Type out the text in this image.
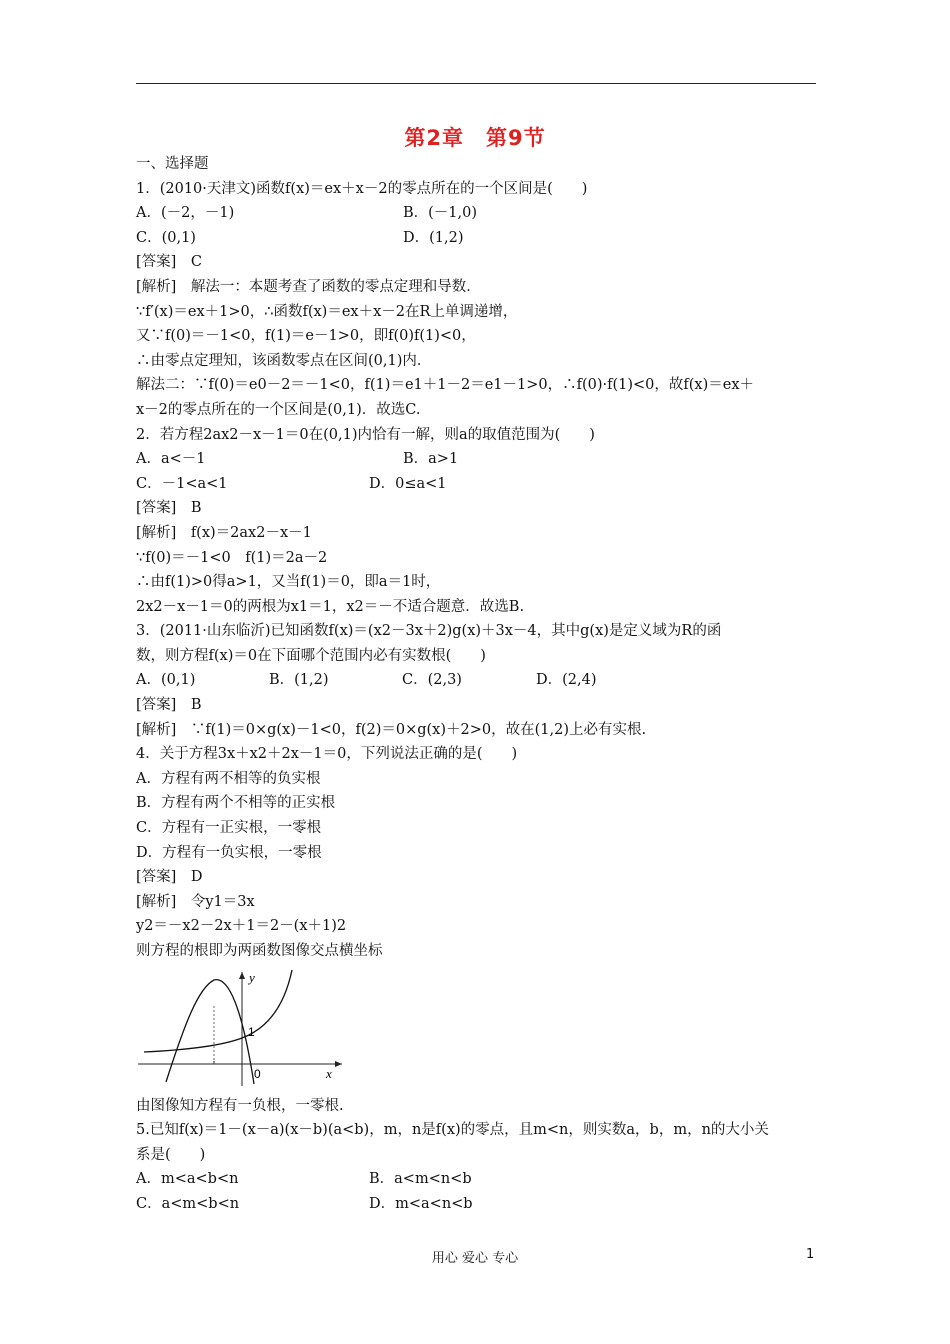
第2章 第9节
一、选择题
1．(2010·天津文)函数f(x)＝ex＋x－2的零点所在的一个区间是(　　)
A．(－2，－1)	B．(－1,0)
C．(0,1)	D．(1,2)
[答案]　C
[解析]　解法一：本题考查了函数的零点定理和导数．
∵f′(x)＝ex＋1>0，∴函数f(x)＝ex＋x－2在R上单调递增，
又∵f(0)＝－1<0，f(1)＝e－1>0，即f(0)f(1)<0，
∴由零点定理知，该函数零点在区间(0,1)内．
解法二：∵f(0)＝e0－2＝－1<0，f(1)＝e1＋1－2＝e1－1>0，∴f(0)·f(1)<0，故f(x)＝ex＋
x－2的零点所在的一个区间是(0,1)．故选C.
2．若方程2ax2－x－1＝0在(0,1)内恰有一解，则a的取值范围为(　　)
A．a<－1	B．a>1
C．－1<a<1	D．0≤a<1
[答案]　B
[解析]　f(x)＝2ax2－x－1
∵f(0)＝－1<0　f(1)＝2a－2
∴由f(1)>0得a>1，又当f(1)＝0，即a＝1时，
2x2－x－1＝0的两根为x1＝1，x2＝－不适合题意．故选B.
3．(2011·山东临沂)已知函数f(x)＝(x2－3x＋2)g(x)＋3x－4，其中g(x)是定义域为R的函
数，则方程f(x)＝0在下面哪个范围内必有实数根(　　)
A．(0,1)	B．(1,2)	C．(2,3)	D．(2,4)
[答案]　B
[解析]　∵f(1)＝0×g(x)－1<0，f(2)＝0×g(x)＋2>0，故在(1,2)上必有实根.
4．关于方程3x＋x2＋2x－1＝0，下列说法正确的是(　　)
A．方程有两不相等的负实根
B．方程有两个不相等的正实根
C．方程有一正实根，一零根
D．方程有一负实根，一零根
[答案]　D
[解析]　令y1＝3x
y2＝－x2－2x＋1＝2－(x＋1)2
则方程的根即为两函数图像交点横坐标
y
x
1
0
由图像知方程有一负根，一零根.
5.已知f(x)＝1－(x－a)(x－b)(a<b)，m，n是f(x)的零点，且m<n，则实数a，b，m，n的大小关
系是(　　)
A．m<a<b<n	B．a<m<n<b
C．a<m<b<n	D．m<a<n<b
用心 爱心 专心	1
